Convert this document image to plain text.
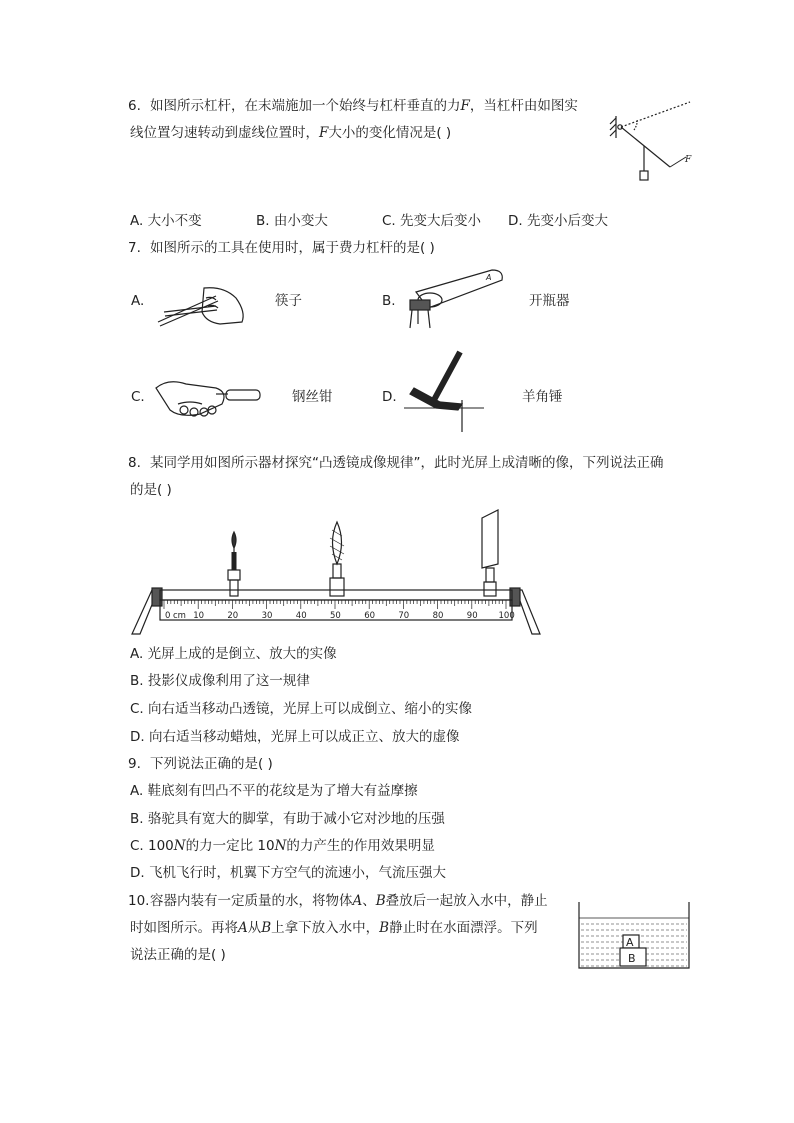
6. 如图所示杠杆，在末端施加一个始终与杠杆垂直的力F，当杠杆由如图实
线位置匀速转动到虚线位置时，F大小的变化情况是( )
F
A. 大小不变	B. 由小变大	C. 先变大后变小 D. 先变小后变大
7. 如图所示的工具在使用时，属于费力杠杆的是( )
A.	筷子	B.
A
开瓶器
C.	钢丝钳	D.	羊角锤
8. 某同学用如图所示器材探究“凸透镜成像规律”，此时光屏上成清晰的像，下列说法正确
的是( )
0 cm 10	20	30	40	50	60	70	80	90 100
A. 光屏上成的是倒立、放大的实像
B. 投影仪成像利用了这一规律
C. 向右适当移动凸透镜，光屏上可以成倒立、缩小的实像
D. 向右适当移动蜡烛，光屏上可以成正立、放大的虚像
9. 下列说法正确的是( )
A. 鞋底刻有凹凸不平的花纹是为了增大有益摩擦
B. 骆驼具有宽大的脚掌，有助于减小它对沙地的压强
C. 100N的力一定比 10N的力产生的作用效果明显
D. 飞机飞行时，机翼下方空气的流速小，气流压强大
10. 容器内装有一定质量的水，将物体A、B叠放后一起放入水中，静止
时如图所示。再将A从B上拿下放入水中，B静止时在水面漂浮。下列
说法正确的是( )
A
B
